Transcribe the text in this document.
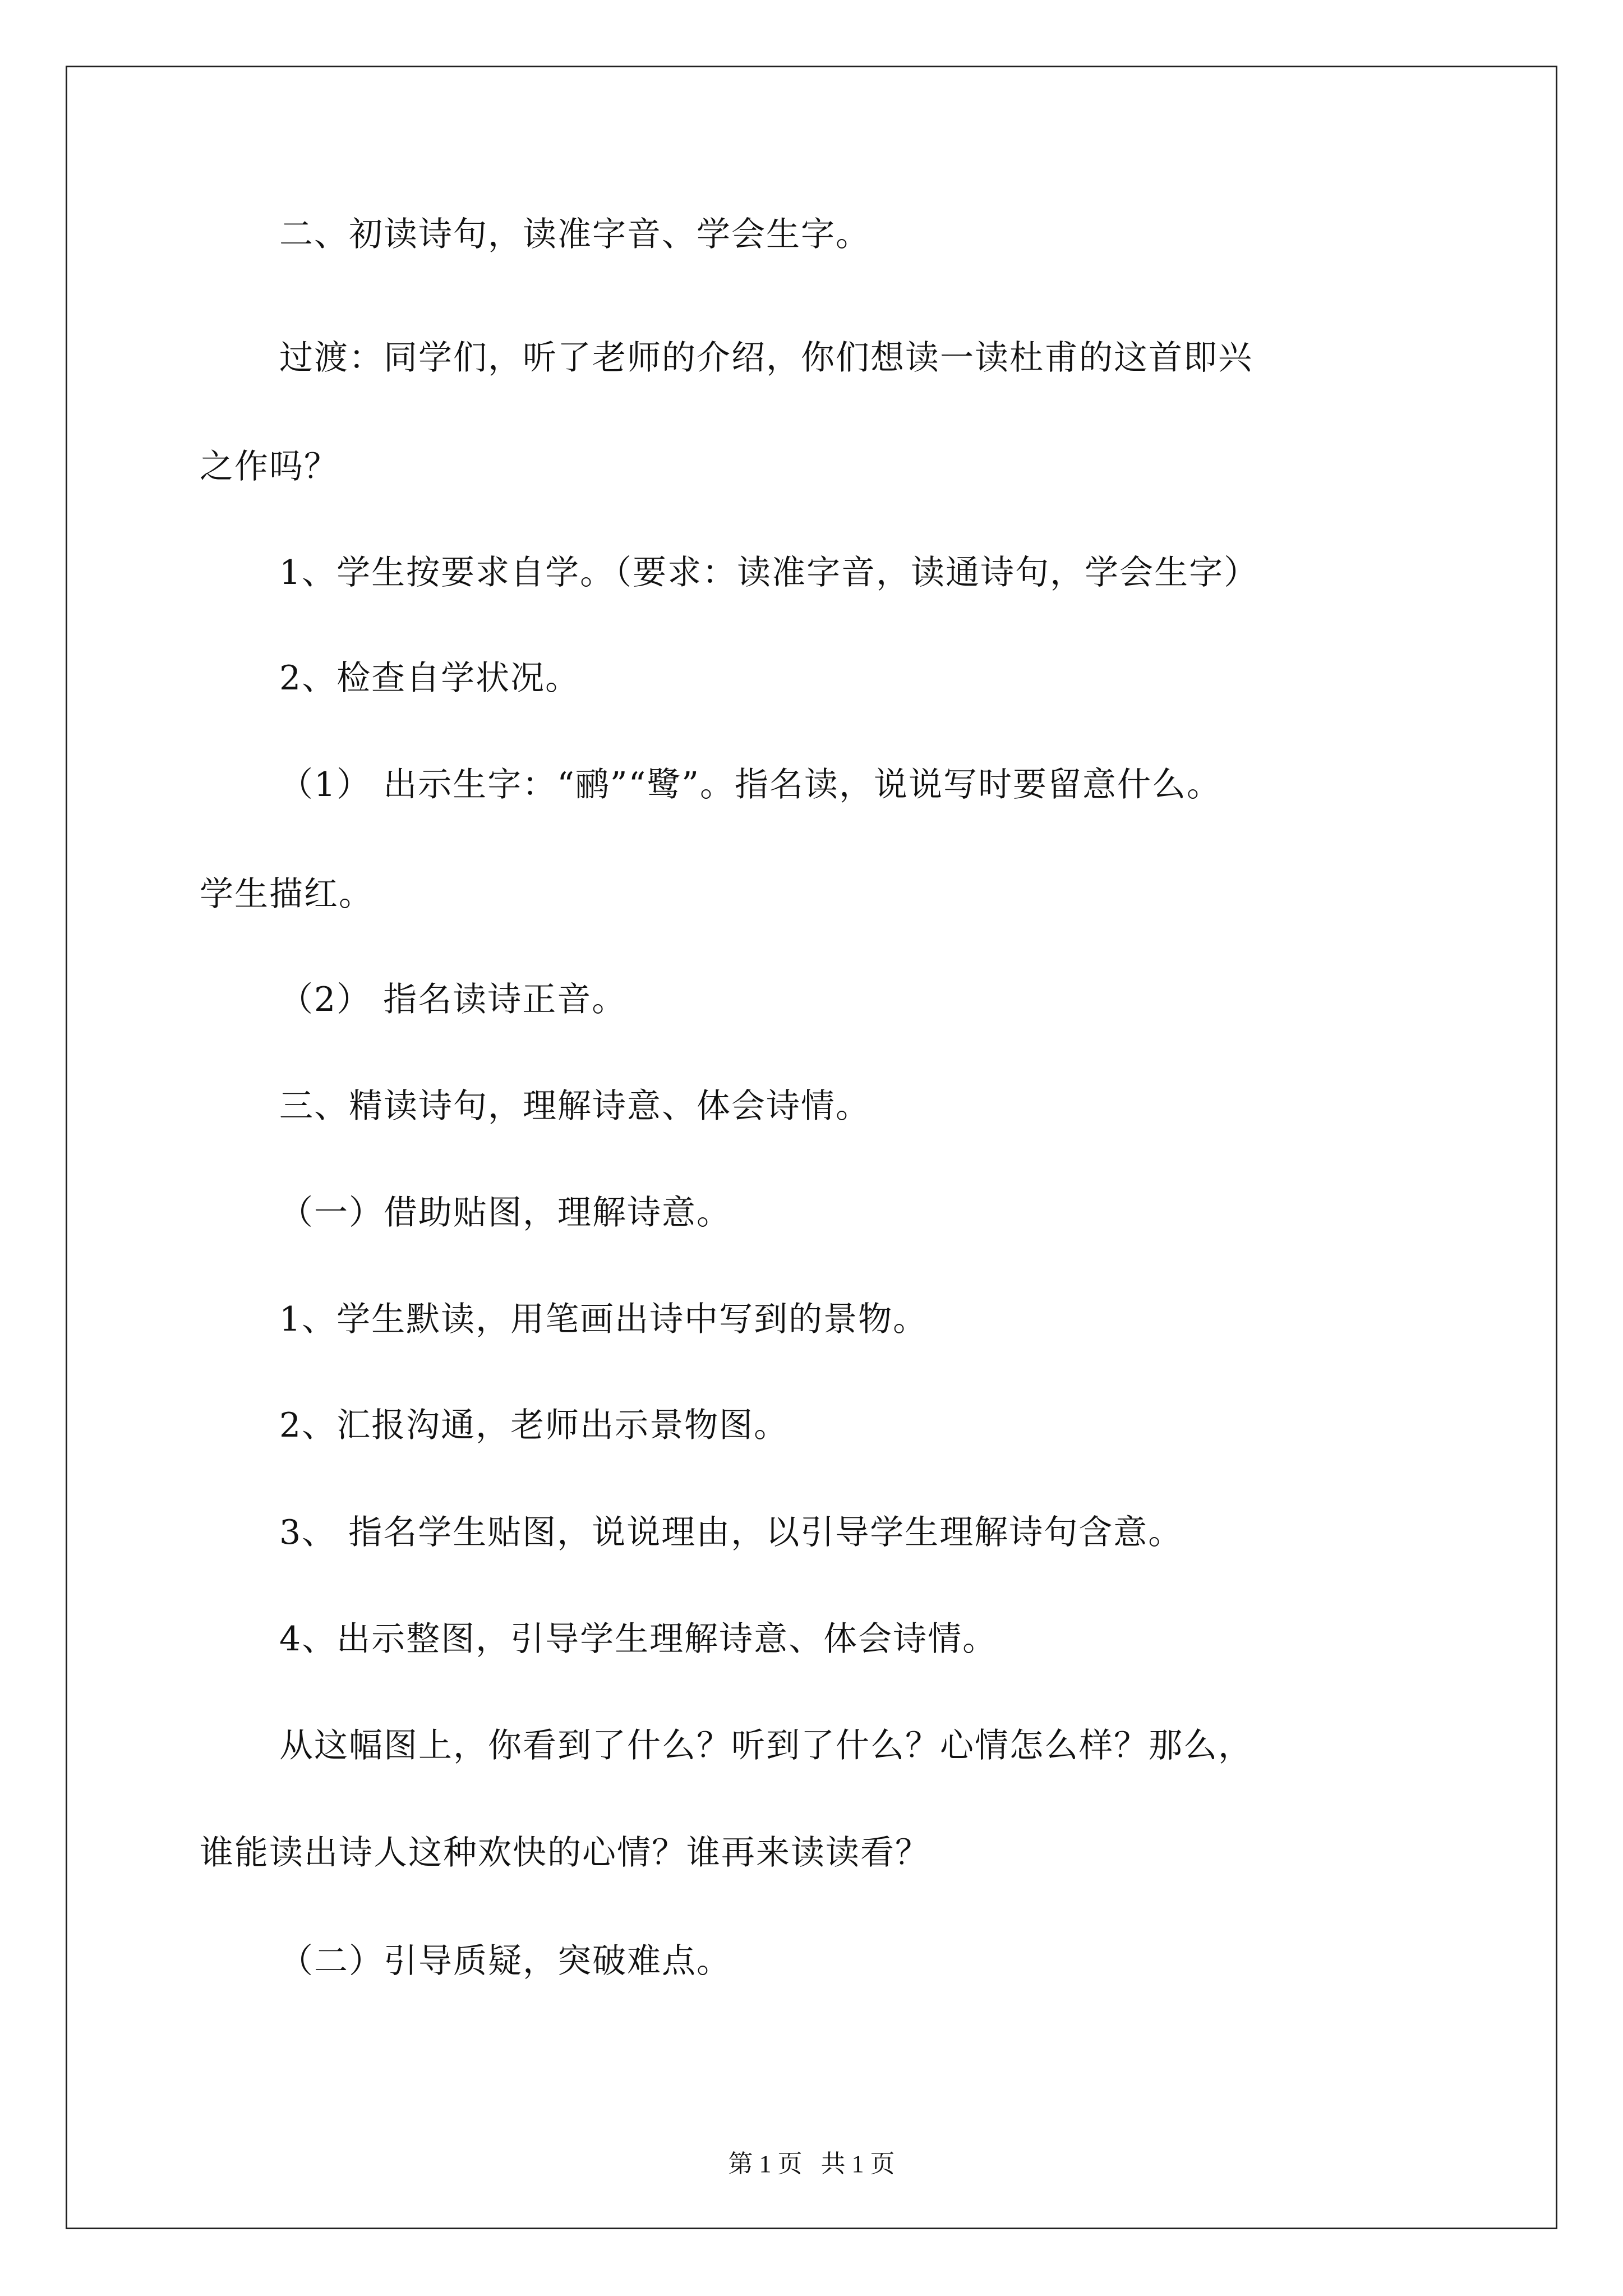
二、初读诗句，读准字音、学会生字。
过渡：同学们，听了老师的介绍，你们想读一读杜甫的这首即兴
之作吗？
1、学生按要求自学。（要求：读准字音，读通诗句，学会生字）
2、检查自学状况。
（1） 出示生字：“鹂”“鹭”。指名读，说说写时要留意什么。
学生描红。
（2） 指名读诗正音。
三、精读诗句，理解诗意、体会诗情。
（一）借助贴图，理解诗意。
1、学生默读，用笔画出诗中写到的景物。
2、汇报沟通，老师出示景物图。
3、 指名学生贴图，说说理由，以引导学生理解诗句含意。
4、出示整图，引导学生理解诗意、体会诗情。
从这幅图上，你看到了什么？听到了什么？心情怎么样？那么，
谁能读出诗人这种欢快的心情？谁再来读读看？
（二）引导质疑，突破难点。
第 1 页   共 1 页
